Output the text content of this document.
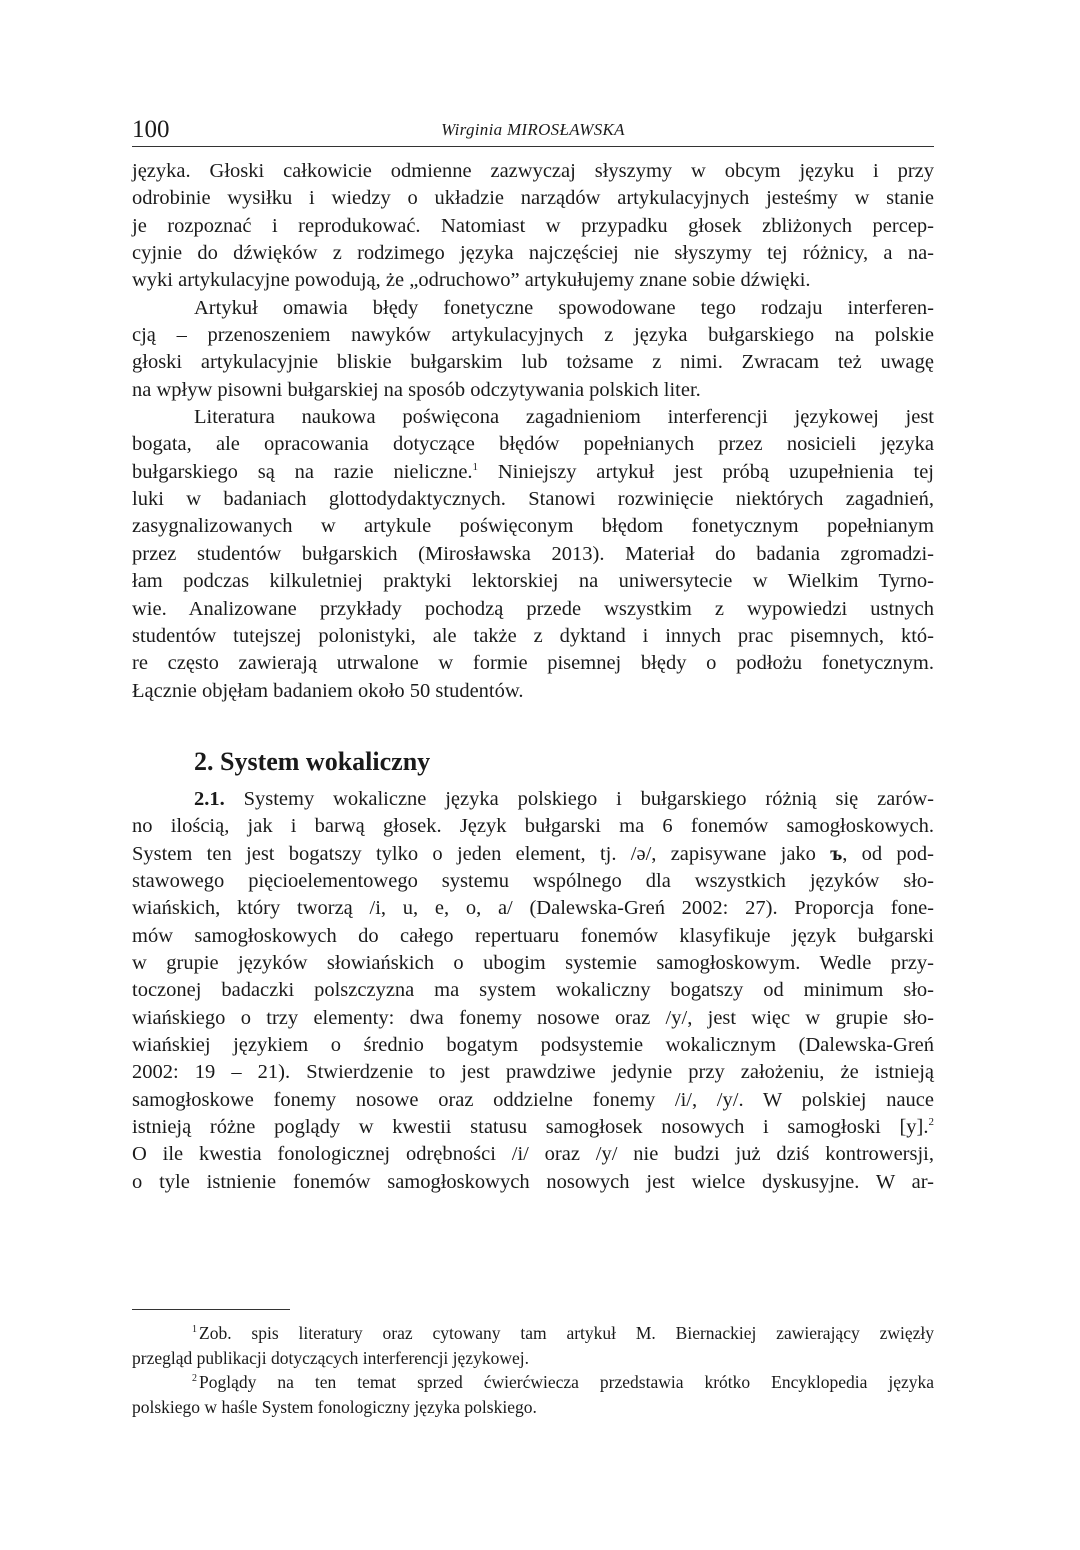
100	Wirginia MIROSŁAWSKA

języka. Głoski całkowicie odmienne zazwyczaj słyszymy w obcym języku i przy
odrobinie wysiłku i wiedzy o układzie narządów artykulacyjnych jesteśmy w stanie
je rozpoznać i reprodukować. Natomiast w przypadku głosek zbliżonych percep-
cyjnie do dźwięków z rodzimego języka najczęściej nie słyszymy tej różnicy, a na-
wyki artykulacyjne powodują, że „odruchowo” artykułujemy znane sobie dźwięki.

Artykuł omawia błędy fonetyczne spowodowane tego rodzaju interferen-
cją – przenoszeniem nawyków artykulacyjnych z języka bułgarskiego na polskie
głoski artykulacyjnie bliskie bułgarskim lub tożsame z nimi. Zwracam też uwagę
na wpływ pisowni bułgarskiej na sposób odczytywania polskich liter.

Literatura naukowa poświęcona zagadnieniom interferencji językowej jest
bogata, ale opracowania dotyczące błędów popełnianych przez nosicieli języka
bułgarskiego są na razie nieliczne.$^1$ Niniejszy artykuł jest próbą uzupełnienia tej
luki w badaniach glottodydaktycznych. Stanowi rozwinięcie niektórych zagadnień,
zasygnalizowanych w artykule poświęconym błędom fonetycznym popełnianym
przez studentów bułgarskich (Mirosławska 2013). Materiał do badania zgromadzi-
łam podczas kilkuletniej praktyki lektorskiej na uniwersytecie w Wielkim Tyrno-
wie. Analizowane przykłady pochodzą przede wszystkim z wypowiedzi ustnych
studentów tutejszej polonistyki, ale także z dyktand i innych prac pisemnych, któ-
re często zawierają utrwalone w formie pisemnej błędy o podłożu fonetycznym.
Łącznie objęłam badaniem około 50 studentów.

2. System wokaliczny

2.1. Systemy wokaliczne języka polskiego i bułgarskiego różnią się zarów-
no ilością, jak i barwą głosek. Język bułgarski ma 6 fonemów samogłoskowych.
System ten jest bogatszy tylko o jeden element, tj. /ə/, zapisywane jako ъ, od pod-
stawowego pięcioelementowego systemu wspólnego dla wszystkich języków sło-
wiańskich, który tworzą /i, u, e, o, a/ (Dalewska-Greń 2002: 27). Proporcja fone-
mów samogłoskowych do całego repertuaru fonemów klasyfikuje język bułgarski
w grupie języków słowiańskich o ubogim systemie samogłoskowym. Wedle przy-
toczonej badaczki polszczyzna ma system wokaliczny bogatszy od minimum sło-
wiańskiego o trzy elementy: dwa fonemy nosowe oraz /y/, jest więc w grupie sło-
wiańskiej językiem o średnio bogatym podsystemie wokalicznym (Dalewska-Greń
2002: 19 – 21). Stwierdzenie to jest prawdziwe jedynie przy założeniu, że istnieją
samogłoskowe fonemy nosowe oraz oddzielne fonemy /i/, /y/. W polskiej nauce
istnieją różne poglądy w kwestii statusu samogłosek nosowych i samogłoski [y].$^2$
O ile kwestia fonologicznej odrębności /i/ oraz /y/ nie budzi już dziś kontrowersji,
o tyle istnienie fonemów samogłoskowych nosowych jest wielce dyskusyjne. W ar-

$^1$ Zob. spis literatury oraz cytowany tam artykuł M. Biernackiej zawierający zwięzły
przegląd publikacji dotyczących interferencji językowej.

$^2$ Poglądy na ten temat sprzed ćwierćwiecza przedstawia krótko Encyklopedia języka
polskiego w haśle System fonologiczny języka polskiego.
